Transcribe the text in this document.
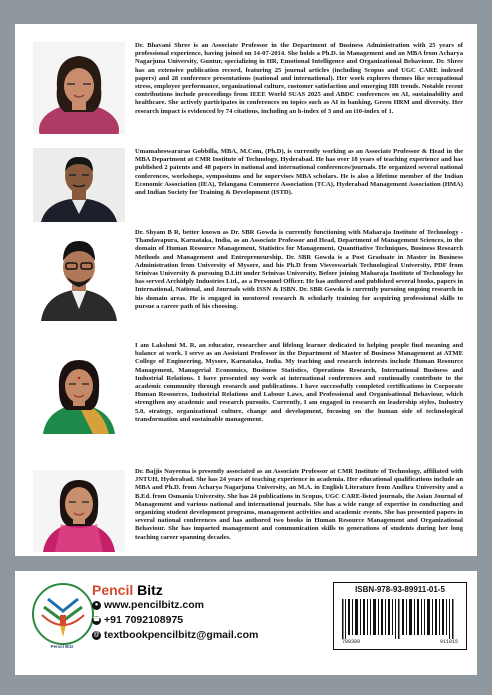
Dr. Bhavani Shree is an Associate Professor in the Department of Business Administration with 25 years of professional experience, having joined on 14-07-2014. She holds a Ph.D. in Management and an MBA from Acharya Nagarjuna University, Guntur, specializing in HR, Emotional Intelligence and Organizational Behaviour. Dr. Shree has an extensive publication record, featuring 25 journal articles (including Scopus and UGC CARE indexed papers) and 28 conference presentations (national and international). Her work explores themes like occupational stress, employee performance, organizational culture, customer satisfaction and emerging HR trends. Notable recent contributions include proceedings from IEEE World SUAS 2025 and ABDC conferences on AI, sustainability and healthcare. She actively participates in conferences on topics such as AI in banking, Green HRM and diversity. Her research impact is evidenced by 74 citations, including an h-index of 3 and an i10-index of 1.

Umamaheswararao Gobbilla, MBA, M.Com, (Ph.D), is currently working as an Associate Professor & Head in the MBA Department at CMR Institute of Technology, Hyderabad. He has over 18 years of teaching experience and has published 2 patents and 48 papers in national and international conferences/journals. He organized several national conferences, workshops, symposiums and he supervises MBA scholars. He is also a lifetime member of the Indian Economic Association (IEA), Telangana Commerce Association (TCA), Hyderabad Management Association (HMA) and Indian Society for Training & Development (ISTD).

Dr. Shyam B R, better known as Dr. SBR Gowda is currently functioning with Maharaja Institute of Technology - Thandavapura, Karnataka, India, as an Associate Professor and Head, Department of Management Sciences, in the domain of Human Resource Management, Statistics for Management, Quantitative Techniques, Business Research Methods and Management and Entrepreneurship. Dr. SBR Gowda is a Post Graduate in Master in Business Administration from University of Mysore, and his Ph.D from Visveswariah Technological University, PDF from Srinivas University & pursuing D.Litt under Srinivas University. Before joining Maharaja Institute of Technology he has served Archidply Industries Ltd., as a Personnel Officer. He has authored and published several books, papers in International, National, and Journals with ISSN & ISBN. Dr. SBR Gowda is currently pursuing ongoing research in his domain areas. He is engaged in mentored research & scholarly training for acquiring professional skills to pursue a career path of his choosing.

I am Lakshmi M. R, an educator, researcher and lifelong learner dedicated to helping people find meaning and balance at work. I serve as an Assistant Professor in the Department of Master of Business Management at ATME College of Engineering, Mysore, Karnataka, India. My teaching and research interests include Human Resource Management, Managerial Economics, Business Statistics, Operations Research, International Business and Industrial Relations. I have presented my work at international conferences and continually contribute to the academic community through research and publications. I have successfully completed certifications in Corporate Human Resources, Industrial Relations and Labour Laws, and Professional and Organisational Behaviour, which strengthen my academic and research pursuits. Currently, I am engaged in research on leadership styles, Industry 5.0, strategy, organizational culture, change and development, focusing on the human side of technological transformation and sustainable management.

Dr. Bajjis Nayeema is presently associated as an Associate Professor at CMR Institute of Technology, affiliated with JNTUH, Hyderabad. She has 24 years of teaching experience in academia. Her educational qualifications include an MBA and Ph.D. from Acharya Nagarjuna University, an M.A. in English Literature from Andhra University and a B.Ed. from Osmania University. She has 24 publications in Scopus, UGC CARE-listed journals, the Asian Journal of Management and various national and international journals. She has a wide range of expertise in conducting and organizing student development programs, management activities and academic events. She has presented papers in several national conferences and has authored two books in Human Resource Management and Organizational Behaviour. She has imparted management and communication skills to generations of students during her long teaching career spanning decades.

Pencil Bitz
Pencil Bitz
● www.pencilbitz.com
☎ +91 7092108975
@ textbookpencilbitz@gmail.com
ISBN-978-93-89911-01-5
789389	911015
